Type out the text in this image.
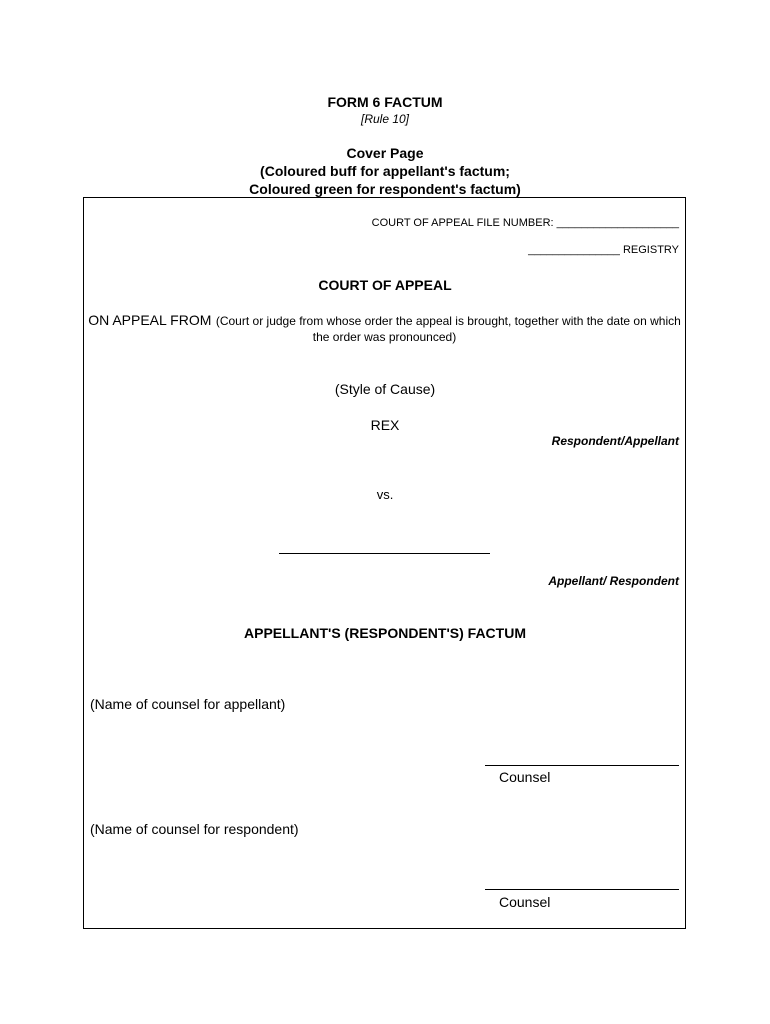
FORM 6 FACTUM
[Rule 10]
Cover Page
(Coloured buff for appellant's factum;
Coloured green for respondent's factum)
COURT OF APPEAL FILE NUMBER: ____________________
_______________ REGISTRY
COURT OF APPEAL
ON APPEAL FROM (Court or judge from whose order the appeal is brought, together with the date on which the order was pronounced)
(Style of Cause)
REX
Respondent/Appellant
vs.
Appellant/ Respondent
APPELLANT'S (RESPONDENT'S) FACTUM
(Name of counsel for appellant)
Counsel
(Name of counsel for respondent)
Counsel
